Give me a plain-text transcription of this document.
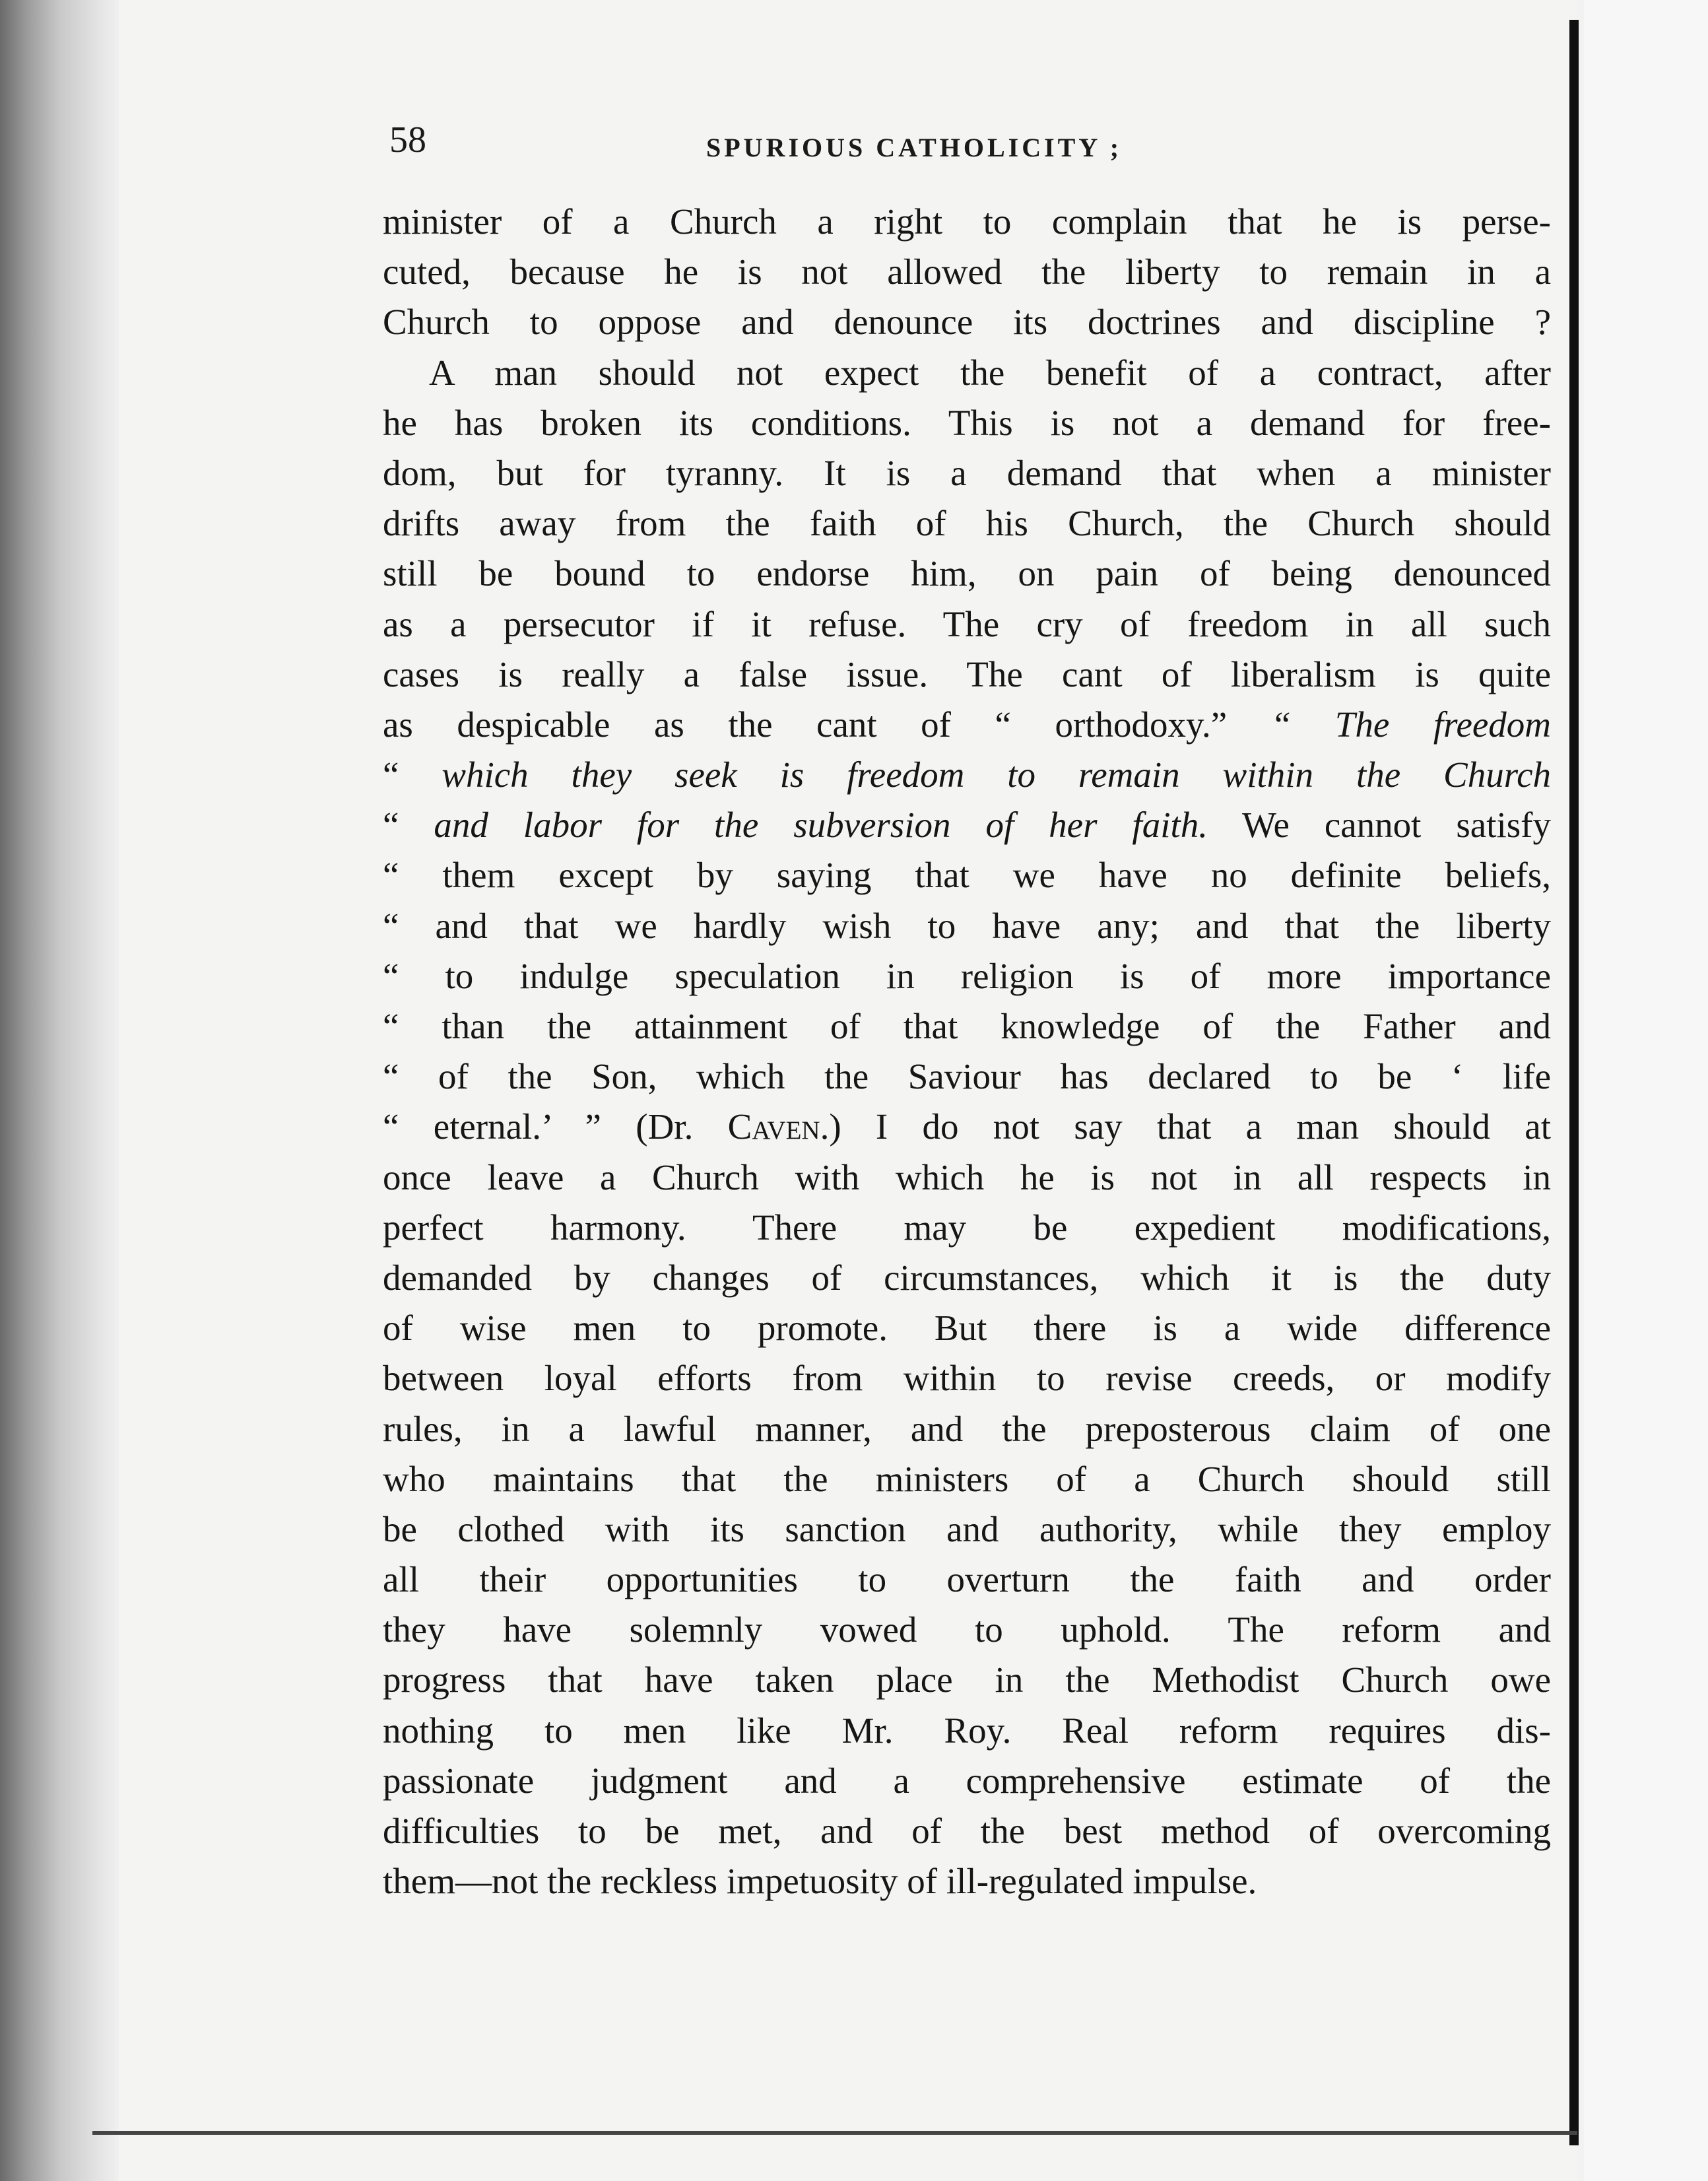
58	SPURIOUS CATHOLICITY ;
minister of a Church a right to complain that he is perse-
cuted, because he is not allowed the liberty to remain in a
Church to oppose and denounce its doctrines and discipline ?
A man should not expect the benefit of a contract, after
he has broken its conditions. This is not a demand for free-
dom, but for tyranny. It is a demand that when a minister
drifts away from the faith of his Church, the Church should
still be bound to endorse him, on pain of being denounced
as a persecutor if it refuse. The cry of freedom in all such
cases is really a false issue. The cant of liberalism is quite
as despicable as the cant of “ orthodoxy.” “ The freedom
“ which they seek is freedom to remain within the Church
“ and labor for the subversion of her faith. We cannot satisfy
“ them except by saying that we have no definite beliefs,
“ and that we hardly wish to have any; and that the liberty
“ to indulge speculation in religion is of more importance
“ than the attainment of that knowledge of the Father and
“ of the Son, which the Saviour has declared to be ‘ life
“ eternal.’ ” (Dr. Caven.) I do not say that a man should at
once leave a Church with which he is not in all respects in
perfect harmony. There may be expedient modifications,
demanded by changes of circumstances, which it is the duty
of wise men to promote. But there is a wide difference
between loyal efforts from within to revise creeds, or modify
rules, in a lawful manner, and the preposterous claim of one
who maintains that the ministers of a Church should still
be clothed with its sanction and authority, while they employ
all their opportunities to overturn the faith and order
they have solemnly vowed to uphold. The reform and
progress that have taken place in the Methodist Church owe
nothing to men like Mr. Roy. Real reform requires dis-
passionate judgment and a comprehensive estimate of the
difficulties to be met, and of the best method of overcoming
them—not the reckless impetuosity of ill-regulated impulse.
